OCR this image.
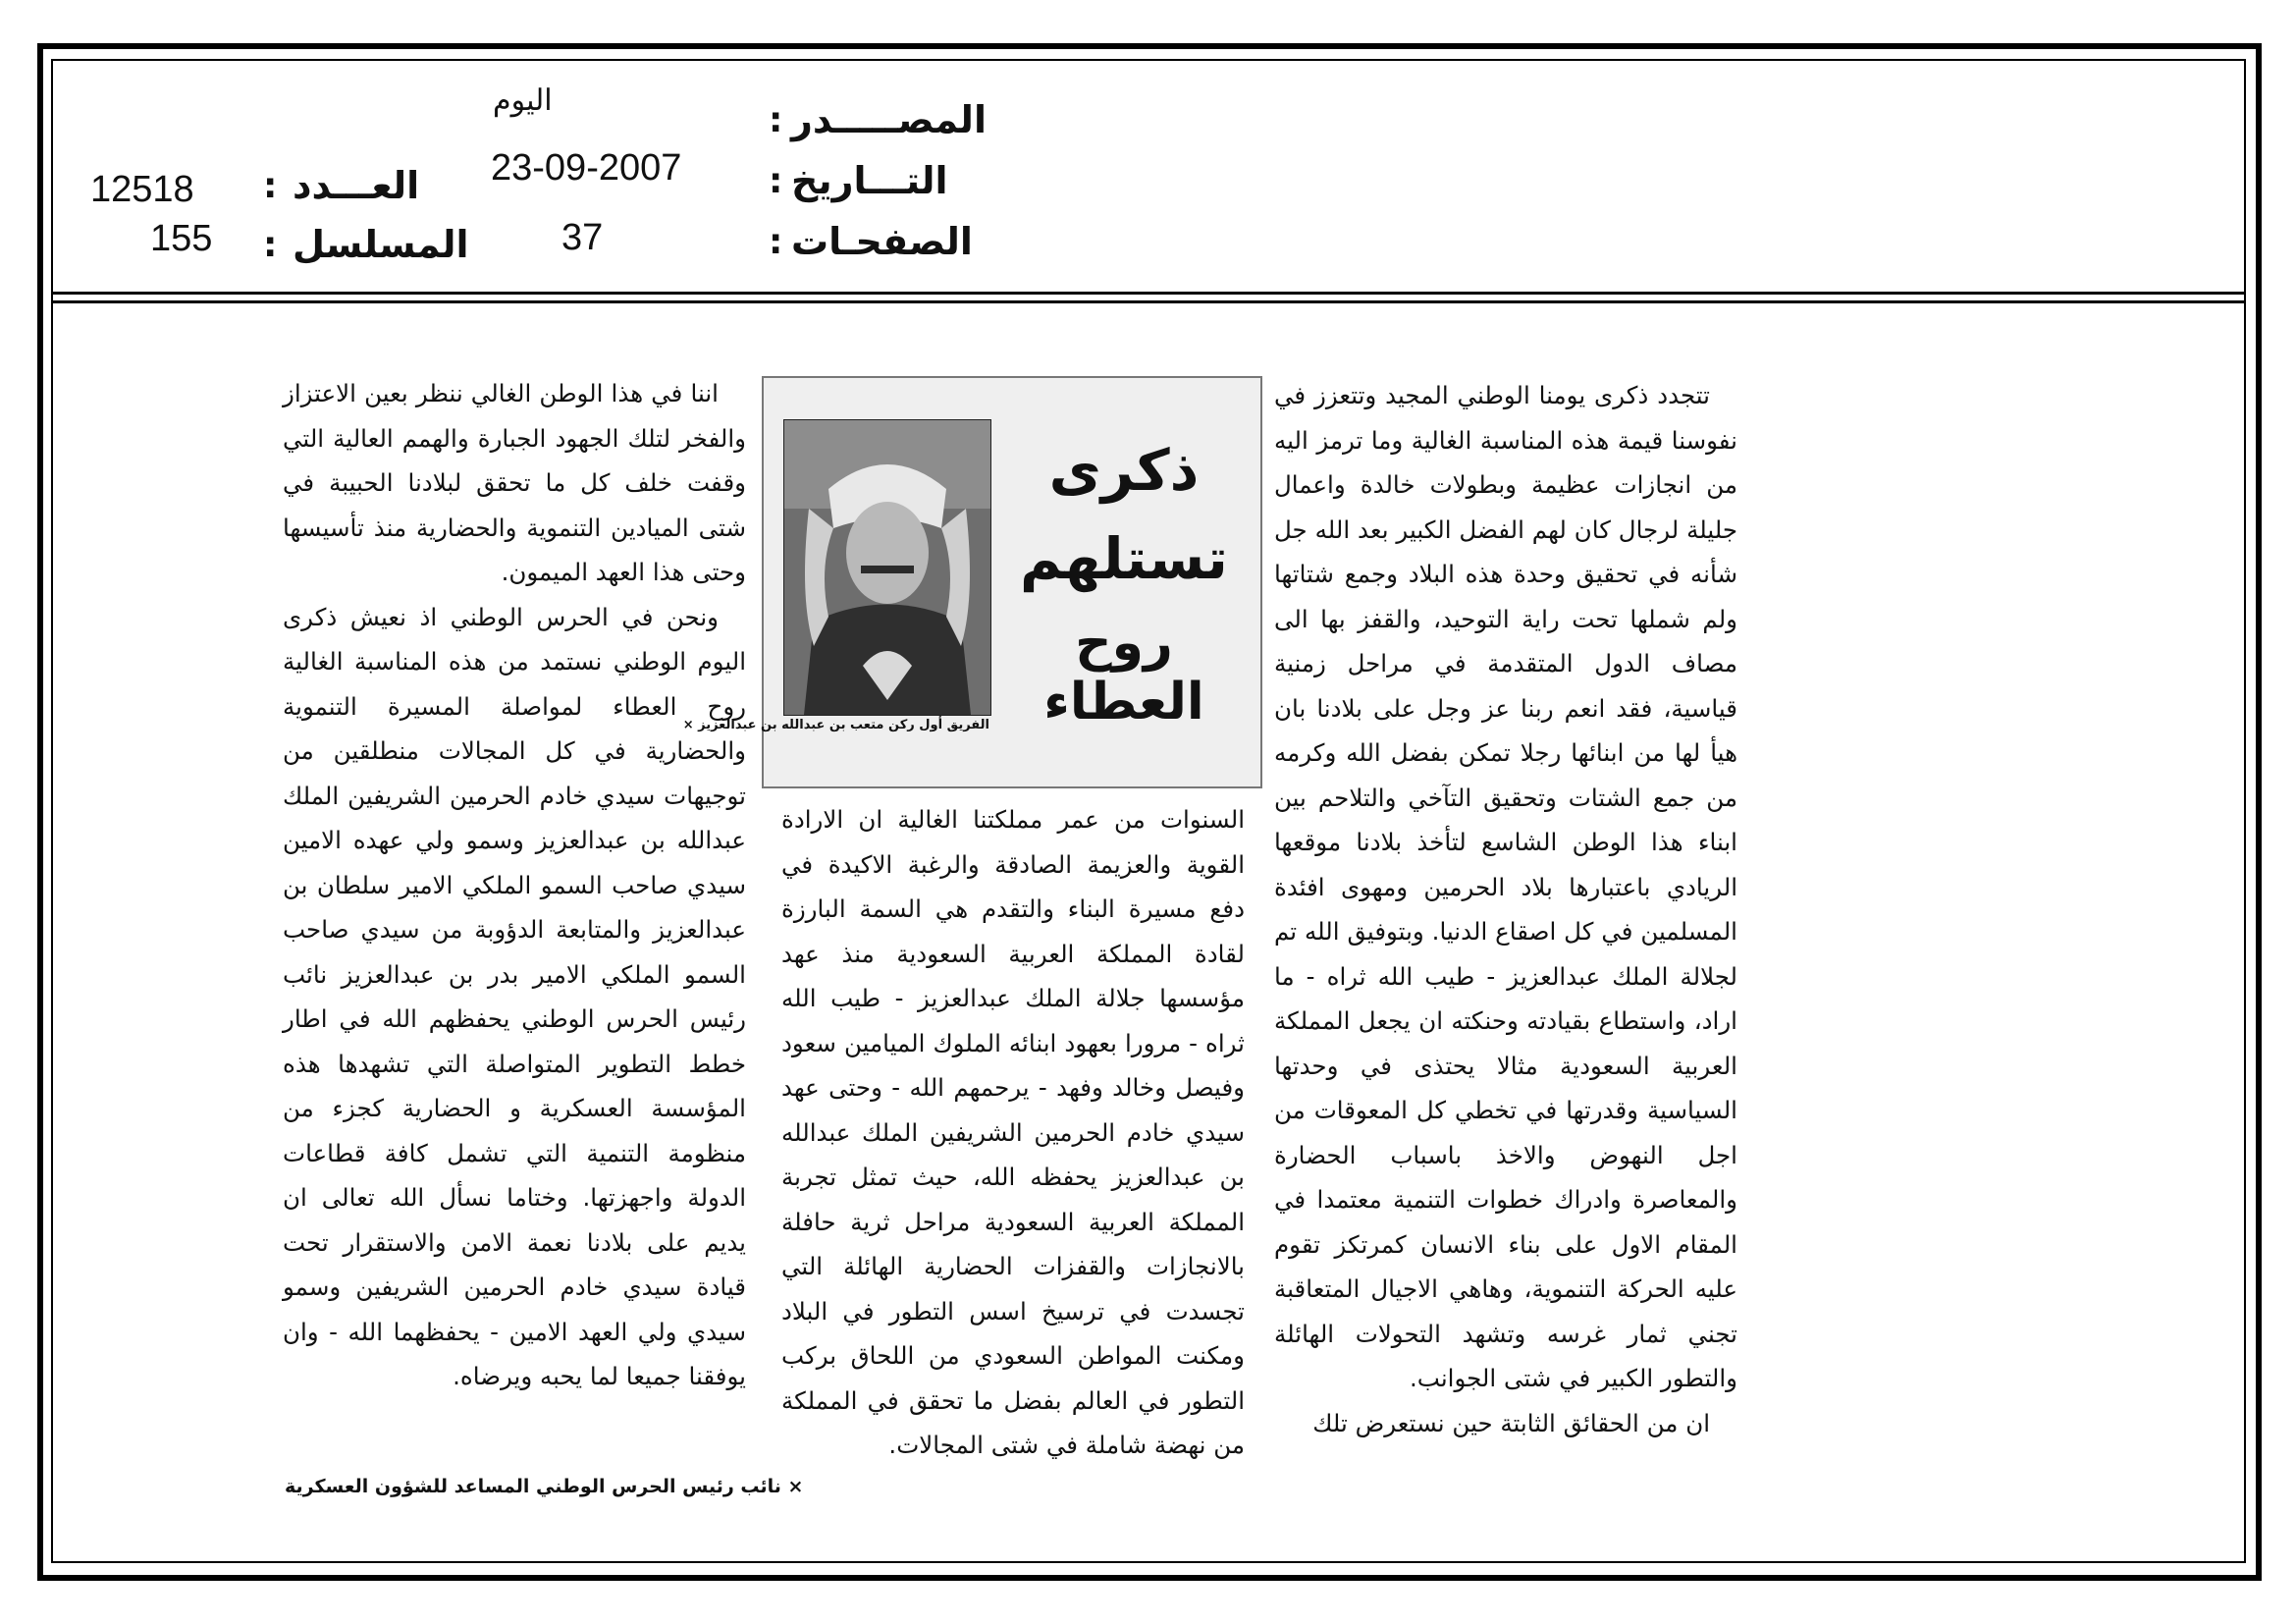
المصـــــدر
:
اليوم
التـــاريخ
:
23-09-2007
الصفحـات
:
37
العـــدد
:
12518
المسلسل
:
155

تتجدد ذكرى يومنا الوطني المجيد وتتعزز في نفوسنا قيمة هذه المناسبة الغالية وما ترمز اليه من انجازات عظيمة وبطولات خالدة واعمال جليلة لرجال كان لهم الفضل الكبير بعد الله جل شأنه في تحقيق وحدة هذه البلاد وجمع شتاتها ولم شملها تحت راية التوحيد، والقفز بها الى مصاف الدول المتقدمة في مراحل زمنية قياسية، فقد انعم ربنا عز وجل على بلادنا بان هيأ لها من ابنائها رجلا تمكن بفضل الله وكرمه من جمع الشتات وتحقيق التآخي والتلاحم بين ابناء هذا الوطن الشاسع لتأخذ بلادنا موقعها الريادي باعتبارها بلاد الحرمين ومهوى افئدة المسلمين في كل اصقاع الدنيا. وبتوفيق الله تم لجلالة الملك عبدالعزيز - طيب الله ثراه - ما اراد، واستطاع بقيادته وحنكته ان يجعل المملكة العربية السعودية مثالا يحتذى في وحدتها السياسية وقدرتها في تخطي كل المعوقات من اجل النهوض والاخذ باسباب الحضارة والمعاصرة وادراك خطوات التنمية معتمدا في المقام الاول على بناء الانسان كمرتكز تقوم عليه الحركة التنموية، وهاهي الاجيال المتعاقبة تجني ثمار غرسه وتشهد التحولات الهائلة والتطور الكبير في شتى الجوانب.

ان من الحقائق الثابتة حين نستعرض تلك

الفريق أول ركن متعب بن عبدالله بن عبدالعزيز ×
ذكرى
تستلهم
روح العطاء

السنوات من عمر مملكتنا الغالية ان الارادة القوية والعزيمة الصادقة والرغبة الاكيدة في دفع مسيرة البناء والتقدم هي السمة البارزة لقادة المملكة العربية السعودية منذ عهد مؤسسها جلالة الملك عبدالعزيز - طيب الله ثراه - مرورا بعهود ابنائه الملوك الميامين سعود وفيصل وخالد وفهد - يرحمهم الله - وحتى عهد سيدي خادم الحرمين الشريفين الملك عبدالله بن عبدالعزيز يحفظه الله، حيث تمثل تجربة المملكة العربية السعودية مراحل ثرية حافلة بالانجازات والقفزات الحضارية الهائلة التي تجسدت في ترسيخ اسس التطور في البلاد ومكنت المواطن السعودي من اللحاق بركب التطور في العالم بفضل ما تحقق في المملكة من نهضة شاملة في شتى المجالات.

اننا في هذا الوطن الغالي ننظر بعين الاعتزاز والفخر لتلك الجهود الجبارة والهمم العالية التي وقفت خلف كل ما تحقق لبلادنا الحبيبة في شتى الميادين التنموية والحضارية منذ تأسيسها وحتى هذا العهد الميمون.

ونحن في الحرس الوطني اذ نعيش ذكرى اليوم الوطني نستمد من هذه المناسبة الغالية روح العطاء لمواصلة المسيرة التنموية والحضارية في كل المجالات منطلقين من توجيهات سيدي خادم الحرمين الشريفين الملك عبدالله بن عبدالعزيز وسمو ولي عهده الامين سيدي صاحب السمو الملكي الامير سلطان بن عبدالعزيز والمتابعة الدؤوبة من سيدي صاحب السمو الملكي الامير بدر بن عبدالعزيز نائب رئيس الحرس الوطني يحفظهم الله في اطار خطط التطوير المتواصلة التي تشهدها هذه المؤسسة العسكرية و الحضارية كجزء من منظومة التنمية التي تشمل كافة قطاعات الدولة واجهزتها. وختاما نسأل الله تعالى ان يديم على بلادنا نعمة الامن والاستقرار تحت قيادة سيدي خادم الحرمين الشريفين وسمو سيدي ولي العهد الامين - يحفظهما الله - وان يوفقنا جميعا لما يحبه ويرضاه.

× نائب رئيس الحرس الوطني المساعد للشؤون العسكرية
